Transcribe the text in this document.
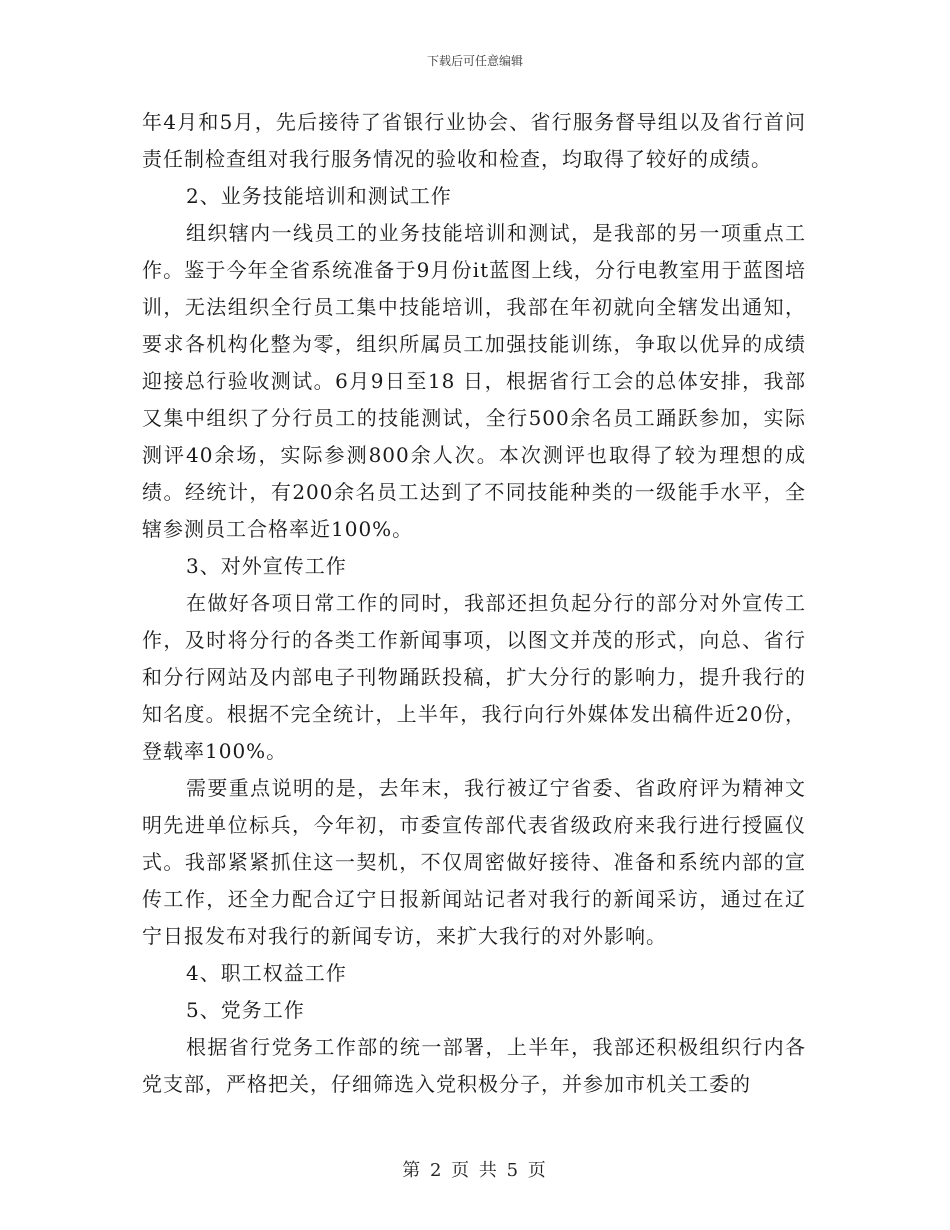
下载后可任意编辑

年4月和5月，先后接待了省银行业协会、省行服务督导组以及省行首问责任制检查组对我行服务情况的验收和检查，均取得了较好的成绩。

2、业务技能培训和测试工作

组织辖内一线员工的业务技能培训和测试，是我部的另一项重点工作。鉴于今年全省系统准备于9月份it蓝图上线，分行电教室用于蓝图培训，无法组织全行员工集中技能培训，我部在年初就向全辖发出通知，要求各机构化整为零，组织所属员工加强技能训练，争取以优异的成绩迎接总行验收测试。6月9日至18 日，根据省行工会的总体安排，我部又集中组织了分行员工的技能测试，全行500余名员工踊跃参加，实际测评40余场，实际参测800余人次。本次测评也取得了较为理想的成绩。经统计，有200余名员工达到了不同技能种类的一级能手水平，全辖参测员工合格率近100%。

3、对外宣传工作

在做好各项日常工作的同时，我部还担负起分行的部分对外宣传工作，及时将分行的各类工作新闻事项，以图文并茂的形式，向总、省行和分行网站及内部电子刊物踊跃投稿，扩大分行的影响力，提升我行的知名度。根据不完全统计，上半年，我行向行外媒体发出稿件近20份，登载率100%。

需要重点说明的是，去年末，我行被辽宁省委、省政府评为精神文明先进单位标兵，今年初，市委宣传部代表省级政府来我行进行授匾仪式。我部紧紧抓住这一契机，不仅周密做好接待、准备和系统内部的宣传工作，还全力配合辽宁日报新闻站记者对我行的新闻采访，通过在辽宁日报发布对我行的新闻专访，来扩大我行的对外影响。

4、职工权益工作

5、党务工作

根据省行党务工作部的统一部署，上半年，我部还积极组织行内各党支部，严格把关，仔细筛选入党积极分子，并参加市机关工委的

第 2 页 共 5 页
